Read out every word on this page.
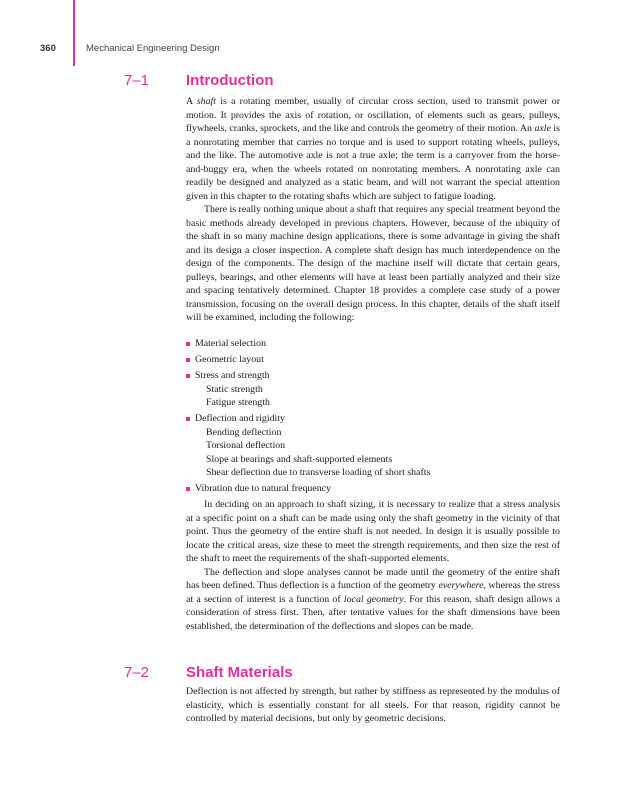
360	Mechanical Engineering Design
7–1 Introduction

A shaft is a rotating member, usually of circular cross section, used to transmit power or motion. It provides the axis of rotation, or oscillation, of elements such as gears, pulleys, flywheels, cranks, sprockets, and the like and controls the geometry of their motion. An axle is a nonrotating member that carries no torque and is used to support rotating wheels, pulleys, and the like. The automotive axle is not a true axle; the term is a carryover from the horse-and-buggy era, when the wheels rotated on nonrotating members. A nonrotating axle can readily be designed and analyzed as a static beam, and will not warrant the special attention given in this chapter to the rotating shafts which are subject to fatigue loading.

There is really nothing unique about a shaft that requires any special treatment beyond the basic methods already developed in previous chapters. However, because of the ubiquity of the shaft in so many machine design applications, there is some advantage in giving the shaft and its design a closer inspection. A complete shaft design has much interdependence on the design of the components. The design of the machine itself will dictate that certain gears, pulleys, bearings, and other elements will have at least been partially analyzed and their size and spacing tentatively determined. Chapter 18 provides a complete case study of a power transmission, focusing on the overall design process. In this chapter, details of the shaft itself will be examined, including the following:

Material selection
Geometric layout
Stress and strength
Static strength
Fatigue strength
Deflection and rigidity
Bending deflection
Torsional deflection
Slope at bearings and shaft-supported elements
Shear deflection due to transverse loading of short shafts
Vibration due to natural frequency

In deciding on an approach to shaft sizing, it is necessary to realize that a stress analysis at a specific point on a shaft can be made using only the shaft geometry in the vicinity of that point. Thus the geometry of the entire shaft is not needed. In design it is usually possible to locate the critical areas, size these to meet the strength requirements, and then size the rest of the shaft to meet the requirements of the shaft-supported elements.

The deflection and slope analyses cannot be made until the geometry of the entire shaft has been defined. Thus deflection is a function of the geometry everywhere, whereas the stress at a section of interest is a function of local geometry. For this reason, shaft design allows a consideration of stress first. Then, after tentative values for the shaft dimensions have been established, the determination of the deflections and slopes can be made.

7–2 Shaft Materials

Deflection is not affected by strength, but rather by stiffness as represented by the modulus of elasticity, which is essentially constant for all steels. For that reason, rigidity cannot be controlled by material decisions, but only by geometric decisions.
